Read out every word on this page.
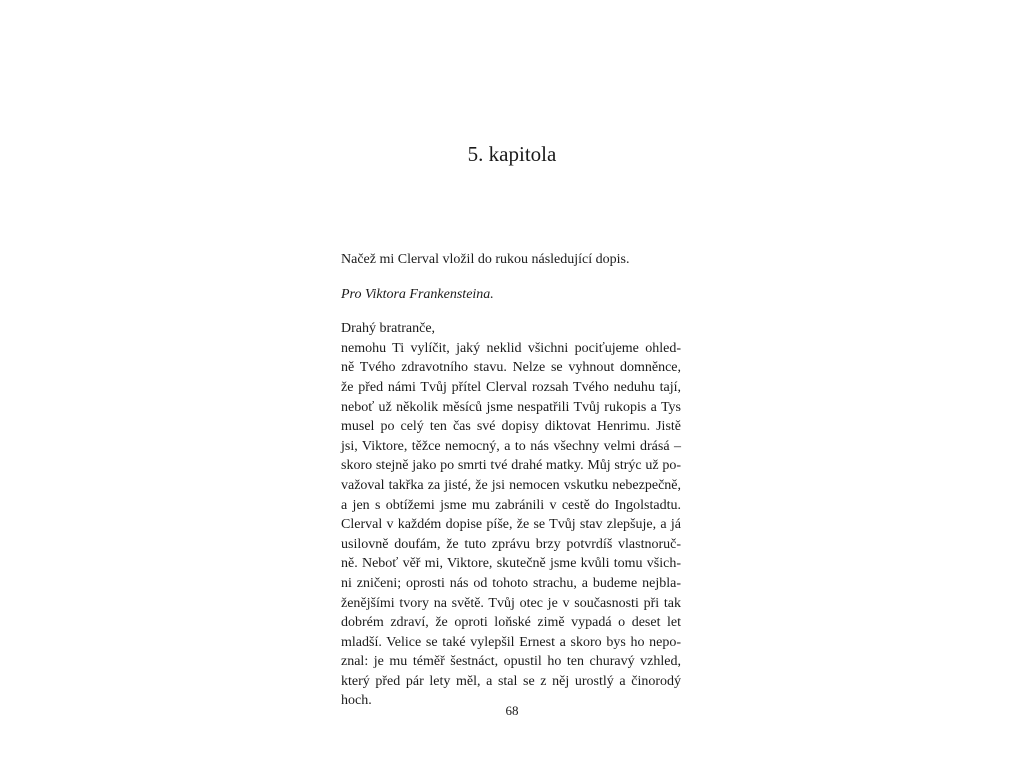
5. kapitola

Načež mi Clerval vložil do rukou následující dopis.

Pro Viktora Frankensteina.

Drahý bratranče,

nemohu Ti vylíčit, jaký neklid všichni pociťujeme ohled-
ně Tvého zdravotního stavu. Nelze se vyhnout domněnce,
že před námi Tvůj přítel Clerval rozsah Tvého neduhu tají,
neboť už několik měsíců jsme nespatřili Tvůj rukopis a Tys
musel po celý ten čas své dopisy diktovat Henrimu. Jistě
jsi, Viktore, těžce nemocný, a to nás všechny velmi drásá –
skoro stejně jako po smrti tvé drahé matky. Můj strýc už po-
važoval takřka za jisté, že jsi nemocen vskutku nebezpečně,
a jen s obtížemi jsme mu zabránili v cestě do Ingolstadtu.
Clerval v každém dopise píše, že se Tvůj stav zlepšuje, a já
usilovně doufám, že tuto zprávu brzy potvrdíš vlastnoruč-
ně. Neboť věř mi, Viktore, skutečně jsme kvůli tomu všich-
ni zničeni; oprosti nás od tohoto strachu, a budeme nejbla-
ženějšími tvory na světě. Tvůj otec je v současnosti při tak
dobrém zdraví, že oproti loňské zimě vypadá o deset let
mladší. Velice se také vylepšil Ernest a skoro bys ho nepo-
znal: je mu téměř šestnáct, opustil ho ten churavý vzhled,
který před pár lety měl, a stal se z něj urostlý a činorodý
hoch.
68
